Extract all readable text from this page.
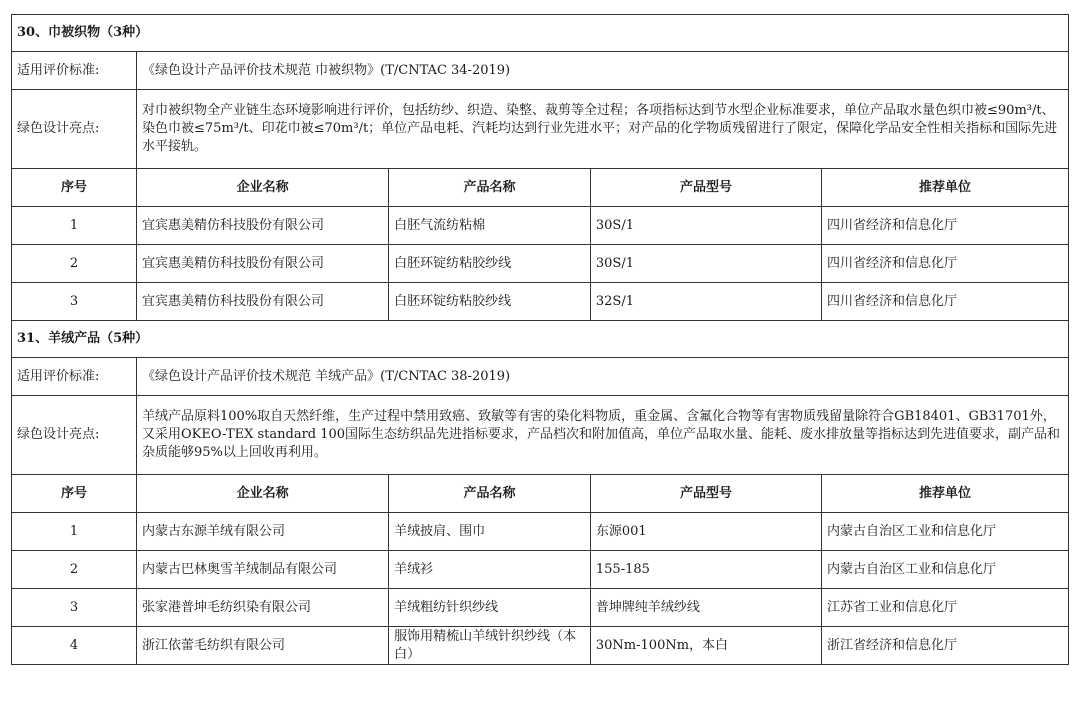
30、巾被织物（3种）				
适用评价标准:	《绿色设计产品评价技术规范 巾被织物》(T/CNTAC 34-2019)			
绿色设计亮点:	对巾被织物全产业链生态环境影响进行评价，包括纺纱、织造、染整、裁剪等全过程；各项指标达到节水型企业标准要求，单位产品取水量色织巾被≤90m³/t、染色巾被≤75m³/t、印花巾被≤70m³/t；单位产品电耗、汽耗均达到行业先进水平；对产品的化学物质残留进行了限定，保障化学品安全性相关指标和国际先进水平接轨。			
序号	企业名称	产品名称	产品型号	推荐单位
1	宜宾惠美精仿科技股份有限公司	白胚气流纺粘棉	30S/1	四川省经济和信息化厅
2	宜宾惠美精仿科技股份有限公司	白胚环锭纺粘胶纱线	30S/1	四川省经济和信息化厅
3	宜宾惠美精仿科技股份有限公司	白胚环锭纺粘胶纱线	32S/1	四川省经济和信息化厅
31、羊绒产品（5种）				
适用评价标准:	《绿色设计产品评价技术规范 羊绒产品》(T/CNTAC 38-2019)			
绿色设计亮点:	羊绒产品原料100%取自天然纤维，生产过程中禁用致癌、致敏等有害的染化料物质，重金属、含氟化合物等有害物质残留量除符合GB18401、GB31701外，又采用OKEO-TEX standard 100国际生态纺织品先进指标要求，产品档次和附加值高，单位产品取水量、能耗、废水排放量等指标达到先进值要求，副产品和杂质能够95%以上回收再利用。			
序号	企业名称	产品名称	产品型号	推荐单位
1	内蒙古东源羊绒有限公司	羊绒披肩、围巾	东源001	内蒙古自治区工业和信息化厅
2	内蒙古巴林奥雪羊绒制品有限公司	羊绒衫	155-185	内蒙古自治区工业和信息化厅
3	张家港普坤毛纺织染有限公司	羊绒粗纺针织纱线	普坤牌纯羊绒纱线	江苏省工业和信息化厅
4	浙江依蕾毛纺织有限公司	服饰用精梳山羊绒针织纱线（本白）	30Nm-100Nm，本白	浙江省经济和信息化厅
